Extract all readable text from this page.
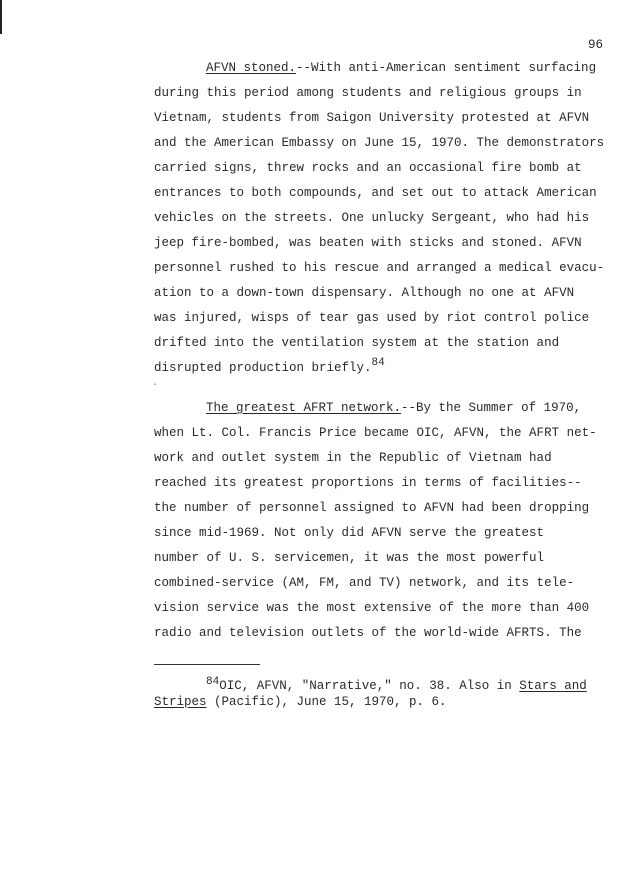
96
AFVN stoned.--With anti-American sentiment surfacing
during this period among students and religious groups in
Vietnam, students from Saigon University protested at AFVN
and the American Embassy on June 15, 1970. The demonstrators
carried signs, threw rocks and an occasional fire bomb at
entrances to both compounds, and set out to attack American
vehicles on the streets. One unlucky Sergeant, who had his
jeep fire-bombed, was beaten with sticks and stoned. AFVN
personnel rushed to his rescue and arranged a medical evacu-
ation to a down-town dispensary. Although no one at AFVN
was injured, wisps of tear gas used by riot control police
drifted into the ventilation system at the station and
disrupted production briefly.$^{84}$
·
The greatest AFRT network.--By the Summer of 1970,
when Lt. Col. Francis Price became OIC, AFVN, the AFRT net-
work and outlet system in the Republic of Vietnam had
reached its greatest proportions in terms of facilities--
the number of personnel assigned to AFVN had been dropping
since mid-1969. Not only did AFVN serve the greatest
number of U. S. servicemen, it was the most powerful
combined-service (AM, FM, and TV) network, and its tele-
vision service was the most extensive of the more than 400
radio and television outlets of the world-wide AFRTS. The
$^{84}$OIC, AFVN, "Narrative," no. 38. Also in Stars and
Stripes (Pacific), June 15, 1970, p. 6.
